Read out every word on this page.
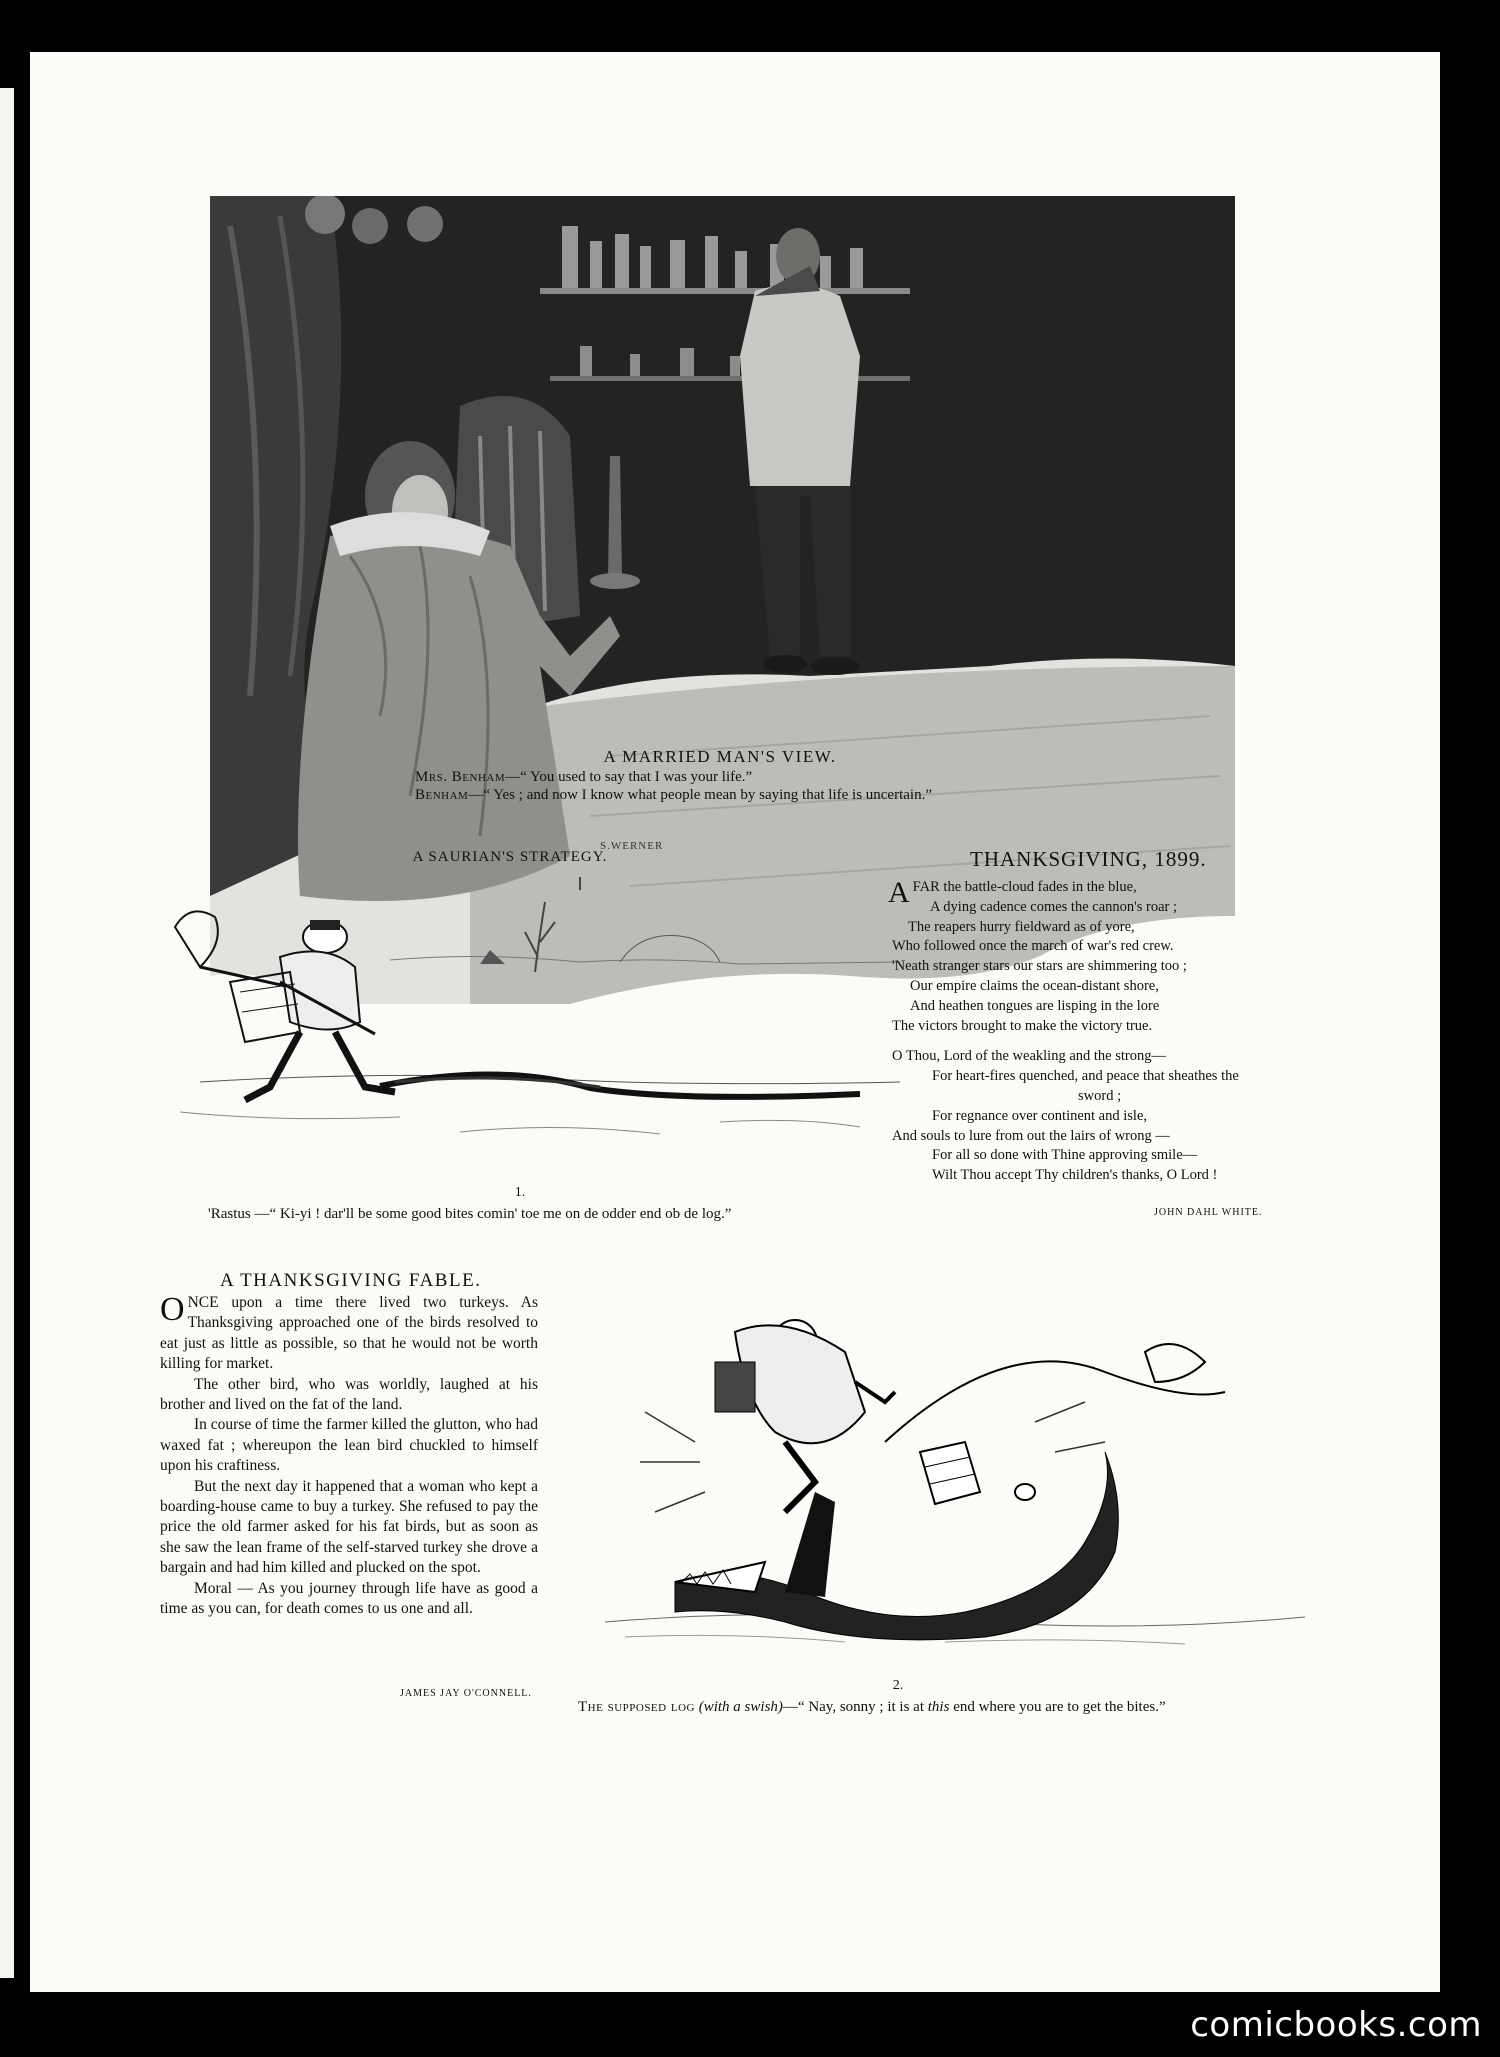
S.WERNER
A MARRIED MAN'S VIEW.
Mrs. Benham—“ You used to say that I was your life.”
Benham—“ Yes ; and now I know what people mean by saying that life is uncertain.”
A SAURIAN'S STRATEGY.
1.
'Rastus —“ Ki-yi ! dar'll be some good bites comin' toe me on de odder end ob de log.”
THANKSGIVING, 1899.
AFAR the battle-cloud fades in the blue,
A dying cadence comes the cannon's roar ;
The reapers hurry fieldward as of yore,
Who followed once the march of war's red crew.
'Neath stranger stars our stars are shimmering too ;
Our empire claims the ocean-distant shore,
And heathen tongues are lisping in the lore
The victors brought to make the victory true.
O Thou, Lord of the weakling and the strong—
For heart-fires quenched, and peace that sheathes the
sword ;
For regnance over continent and isle,
And souls to lure from out the lairs of wrong —
For all so done with Thine approving smile—
Wilt Thou accept Thy children's thanks, O Lord !
JOHN DAHL WHITE.
A THANKSGIVING FABLE.

ONCE upon a time there lived two turkeys. As Thanksgiving approached one of the birds resolved to eat just as little as possible, so that he would not be worth killing for market.

The other bird, who was worldly, laughed at his brother and lived on the fat of the land.

In course of time the farmer killed the glutton, who had waxed fat ; whereupon the lean bird chuckled to himself upon his craftiness.

But the next day it happened that a woman who kept a boarding-house came to buy a turkey. She refused to pay the price the old farmer asked for his fat birds, but as soon as she saw the lean frame of the self-starved turkey she drove a bargain and had him killed and plucked on the spot.

Moral — As you journey through life have as good a time as you can, for death comes to us one and all.

JAMES JAY O'CONNELL.
2.
The supposed log (with a swish)—“ Nay, sonny ; it is at this end where you are to get the bites.”
comicbooks.com
